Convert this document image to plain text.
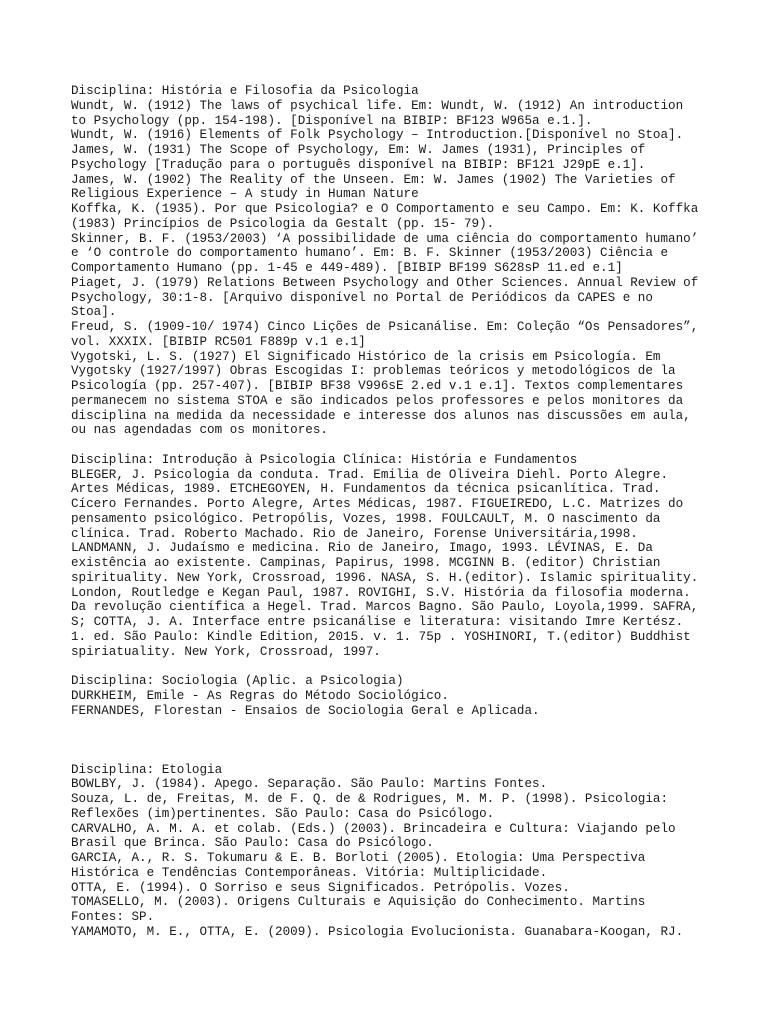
Disciplina: História e Filosofia da Psicologia
Wundt, W. (1912) The laws of psychical life. Em: Wundt, W. (1912) An introduction
to Psychology (pp. 154-198). [Disponível na BIBIP: BF123 W965a e.1.].
Wundt, W. (1916) Elements of Folk Psychology – Introduction.[Disponível no Stoa].
James, W. (1931) The Scope of Psychology, Em: W. James (1931), Principles of
Psychology [Tradução para o português disponível na BIBIP: BF121 J29pE e.1].
James, W. (1902) The Reality of the Unseen. Em: W. James (1902) The Varieties of
Religious Experience – A study in Human Nature
Koffka, K. (1935). Por que Psicologia? e O Comportamento e seu Campo. Em: K. Koffka
(1983) Princípios de Psicologia da Gestalt (pp. 15- 79).
Skinner, B. F. (1953/2003) ‘A possibilidade de uma ciência do comportamento humano’
e ‘O controle do comportamento humano’. Em: B. F. Skinner (1953/2003) Ciência e
Comportamento Humano (pp. 1-45 e 449-489). [BIBIP BF199 S628sP 11.ed e.1]
Piaget, J. (1979) Relations Between Psychology and Other Sciences. Annual Review of
Psychology, 30:1-8. [Arquivo disponível no Portal de Periódicos da CAPES e no
Stoa].
Freud, S. (1909-10/ 1974) Cinco Lições de Psicanálise. Em: Coleção “Os Pensadores”,
vol. XXXIX. [BIBIP RC501 F889p v.1 e.1]
Vygotski, L. S. (1927) El Significado Histórico de la crisis em Psicología. Em
Vygotsky (1927/1997) Obras Escogidas I: problemas teóricos y metodológicos de la
Psicología (pp. 257-407). [BIBIP BF38 V996sE 2.ed v.1 e.1]. Textos complementares
permanecem no sistema STOA e são indicados pelos professores e pelos monitores da
disciplina na medida da necessidade e interesse dos alunos nas discussões em aula,
ou nas agendadas com os monitores.
Disciplina: Introdução à Psicologia Clínica: História e Fundamentos
BLEGER, J. Psicologia da conduta. Trad. Emilia de Oliveira Diehl. Porto Alegre.
Artes Médicas, 1989. ETCHEGOYEN, H. Fundamentos da técnica psicanlítica. Trad.
Cícero Fernandes. Porto Alegre, Artes Médicas, 1987. FIGUEIREDO, L.C. Matrizes do
pensamento psicológico. Petropólis, Vozes, 1998. FOULCAULT, M. O nascimento da
clínica. Trad. Roberto Machado. Rio de Janeiro, Forense Universitária,1998.
LANDMANN, J. Judaísmo e medicina. Rio de Janeiro, Imago, 1993. LÉVINAS, E. Da
existência ao existente. Campinas, Papirus, 1998. MCGINN B. (editor) Christian
spirituality. New York, Crossroad, 1996. NASA, S. H.(editor). Islamic spirituality.
London, Routledge e Kegan Paul, 1987. ROVIGHI, S.V. História da filosofia moderna.
Da revolução científica a Hegel. Trad. Marcos Bagno. São Paulo, Loyola,1999. SAFRA,
S; COTTA, J. A. Interface entre psicanálise e literatura: visitando Imre Kertész.
1. ed. São Paulo: Kindle Edition, 2015. v. 1. 75p . YOSHINORI, T.(editor) Buddhist
spiriatuality. New York, Crossroad, 1997.
Disciplina: Sociologia (Aplic. a Psicologia)
DURKHEIM, Emile - As Regras do Método Sociológico.
FERNANDES, Florestan - Ensaios de Sociologia Geral e Aplicada.
Disciplina: Etologia
BOWLBY, J. (1984). Apego. Separação. São Paulo: Martins Fontes.
Souza, L. de, Freitas, M. de F. Q. de & Rodrigues, M. M. P. (1998). Psicologia:
Reflexões (im)pertinentes. São Paulo: Casa do Psicólogo.
CARVALHO, A. M. A. et colab. (Eds.) (2003). Brincadeira e Cultura: Viajando pelo
Brasil que Brinca. São Paulo: Casa do Psicólogo.
GARCIA, A., R. S. Tokumaru & E. B. Borloti (2005). Etologia: Uma Perspectiva
Histórica e Tendências Contemporâneas. Vitória: Multiplicidade.
OTTA, E. (1994). O Sorriso e seus Significados. Petrópolis. Vozes.
TOMASELLO, M. (2003). Origens Culturais e Aquisição do Conhecimento. Martins
Fontes: SP.
YAMAMOTO, M. E., OTTA, E. (2009). Psicologia Evolucionista. Guanabara-Koogan, RJ.
